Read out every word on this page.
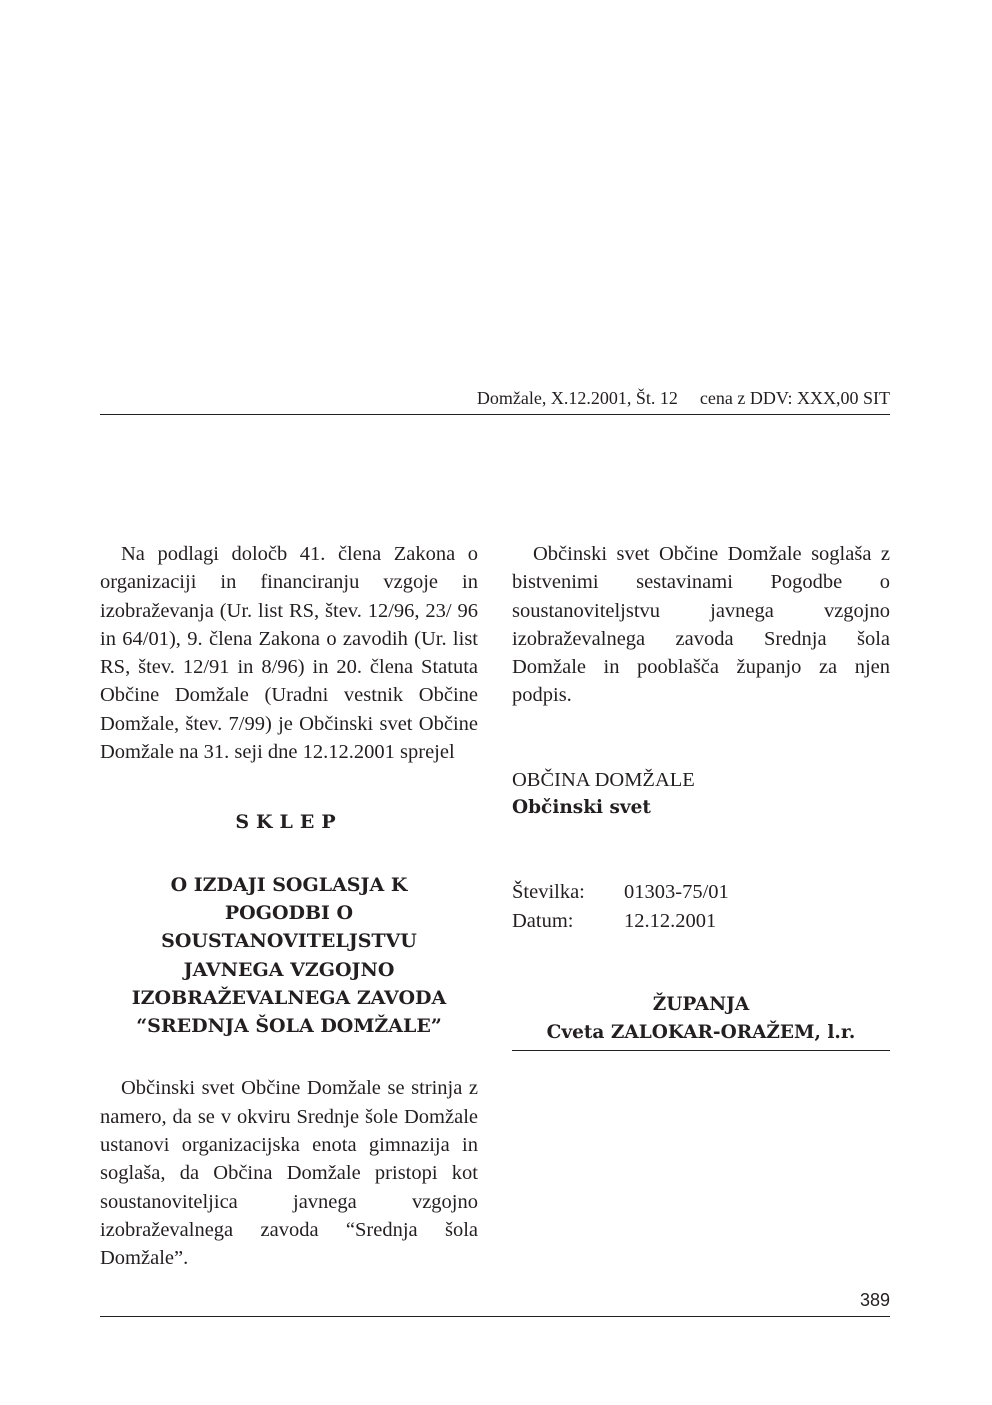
Domžale, X.12.2001, Št. 12 cena z DDV: XXX,00 SIT

Na podlagi določb 41. člena Zakona o organizaciji in financiranju vzgoje in izobraževanja (Ur. list RS, štev. 12/96, 23/ 96 in 64/01), 9. člena Zakona o zavodih (Ur. list RS, štev. 12/91 in 8/96) in 20. člena Statuta Občine Domžale (Uradni vestnik Občine Domžale, štev. 7/99) je Občinski svet Občine Domžale na 31. seji dne 12.12.2001 sprejel

SKLEP
O IZDAJI SOGLASJA K
POGODBI O
SOUSTANOVITELJSTVU
JAVNEGA VZGOJNO
IZOBRAŽEVALNEGA ZAVODA
“SREDNJA ŠOLA DOMŽALE”

Občinski svet Občine Domžale se strinja z namero, da se v okviru Srednje šole Domžale ustanovi organizacijska enota gimnazija in soglaša, da Občina Domžale pristopi kot soustanoviteljica javnega vzgojno izobraževalnega zavoda “Srednja šola Domžale”.

Občinski svet Občine Domžale soglaša z bistvenimi sestavinami Pogodbe o soustanoviteljstvu javnega vzgojno izobraževalnega zavoda Srednja šola Domžale in pooblašča županjo za njen podpis.

OBČINA DOMŽALE
Občinski svet
Številka:	01303-75/01
Datum:	12.12.2001
ŽUPANJA
Cveta ZALOKAR-ORAŽEM, l.r.
389
